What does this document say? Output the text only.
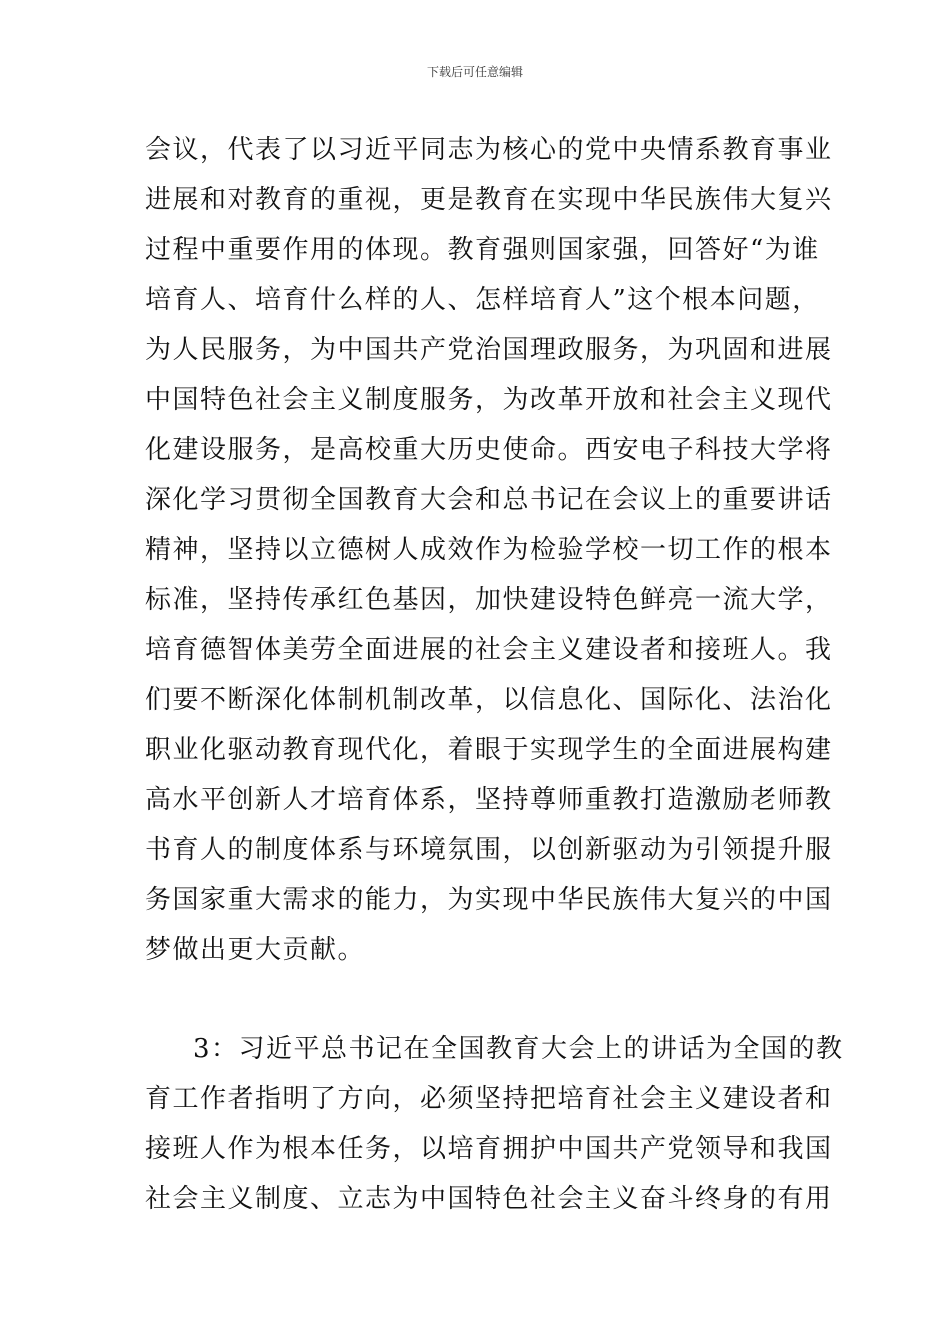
下载后可任意编辑
会议，代表了以习近平同志为核心的党中央情系教育事业
进展和对教育的重视，更是教育在实现中华民族伟大复兴
过程中重要作用的体现。教育强则国家强，回答好“为谁
培育人、培育什么样的人、怎样培育人”这个根本问题，
为人民服务，为中国共产党治国理政服务，为巩固和进展
中国特色社会主义制度服务，为改革开放和社会主义现代
化建设服务，是高校重大历史使命。西安电子科技大学将
深化学习贯彻全国教育大会和总书记在会议上的重要讲话
精神，坚持以立德树人成效作为检验学校一切工作的根本
标准，坚持传承红色基因，加快建设特色鲜亮一流大学，
培育德智体美劳全面进展的社会主义建设者和接班人。我
们要不断深化体制机制改革，以信息化、国际化、法治化
职业化驱动教育现代化，着眼于实现学生的全面进展构建
高水平创新人才培育体系，坚持尊师重教打造激励老师教
书育人的制度体系与环境氛围，以创新驱动为引领提升服
务国家重大需求的能力，为实现中华民族伟大复兴的中国
梦做出更大贡献。
3：习近平总书记在全国教育大会上的讲话为全国的教
育工作者指明了方向，必须坚持把培育社会主义建设者和
接班人作为根本任务，以培育拥护中国共产党领导和我国
社会主义制度、立志为中国特色社会主义奋斗终身的有用
